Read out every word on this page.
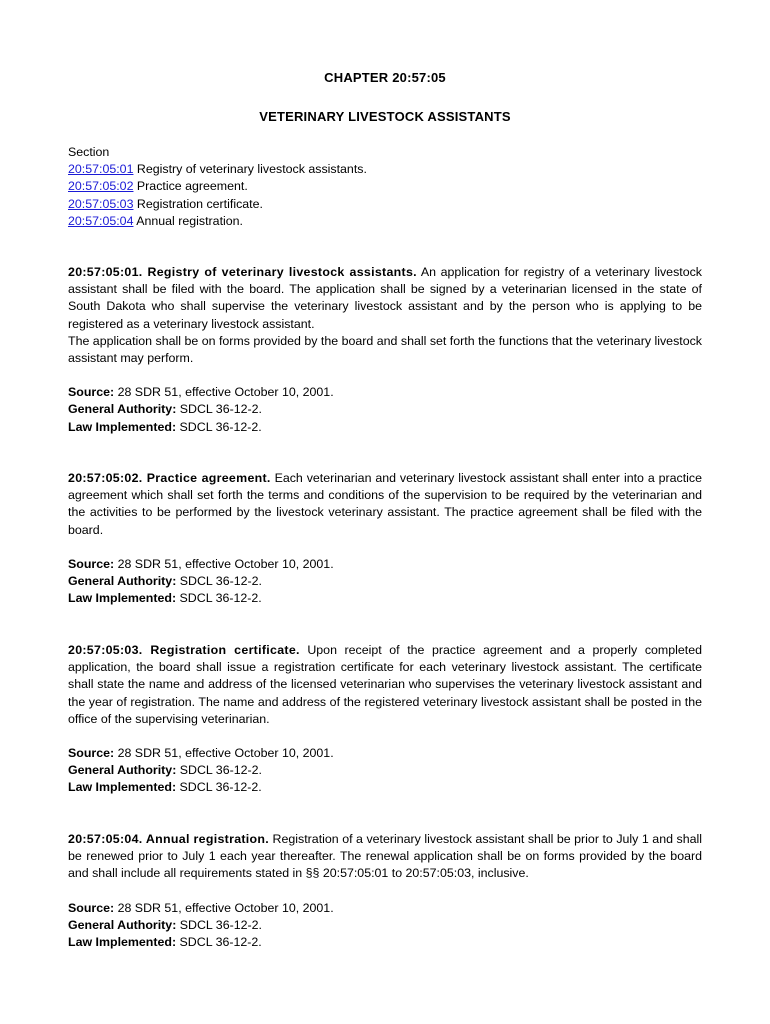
CHAPTER 20:57:05
VETERINARY LIVESTOCK ASSISTANTS
Section
20:57:05:01 Registry of veterinary livestock assistants.
20:57:05:02 Practice agreement.
20:57:05:03 Registration certificate.
20:57:05:04 Annual registration.

20:57:05:01. Registry of veterinary livestock assistants. An application for registry of a veterinary livestock assistant shall be filed with the board. The application shall be signed by a veterinarian licensed in the state of South Dakota who shall supervise the veterinary livestock assistant and by the person who is applying to be registered as a veterinary livestock assistant.

The application shall be on forms provided by the board and shall set forth the functions that the veterinary livestock assistant may perform.

Source: 28 SDR 51, effective October 10, 2001.
General Authority: SDCL 36-12-2.
Law Implemented: SDCL 36-12-2.

20:57:05:02. Practice agreement. Each veterinarian and veterinary livestock assistant shall enter into a practice agreement which shall set forth the terms and conditions of the supervision to be required by the veterinarian and the activities to be performed by the livestock veterinary assistant. The practice agreement shall be filed with the board.

Source: 28 SDR 51, effective October 10, 2001.
General Authority: SDCL 36-12-2.
Law Implemented: SDCL 36-12-2.

20:57:05:03. Registration certificate. Upon receipt of the practice agreement and a properly completed application, the board shall issue a registration certificate for each veterinary livestock assistant. The certificate shall state the name and address of the licensed veterinarian who supervises the veterinary livestock assistant and the year of registration. The name and address of the registered veterinary livestock assistant shall be posted in the office of the supervising veterinarian.

Source: 28 SDR 51, effective October 10, 2001.
General Authority: SDCL 36-12-2.
Law Implemented: SDCL 36-12-2.

20:57:05:04. Annual registration. Registration of a veterinary livestock assistant shall be prior to July 1 and shall be renewed prior to July 1 each year thereafter. The renewal application shall be on forms provided by the board and shall include all requirements stated in §§ 20:57:05:01 to 20:57:05:03, inclusive.

Source: 28 SDR 51, effective October 10, 2001.
General Authority: SDCL 36-12-2.
Law Implemented: SDCL 36-12-2.
